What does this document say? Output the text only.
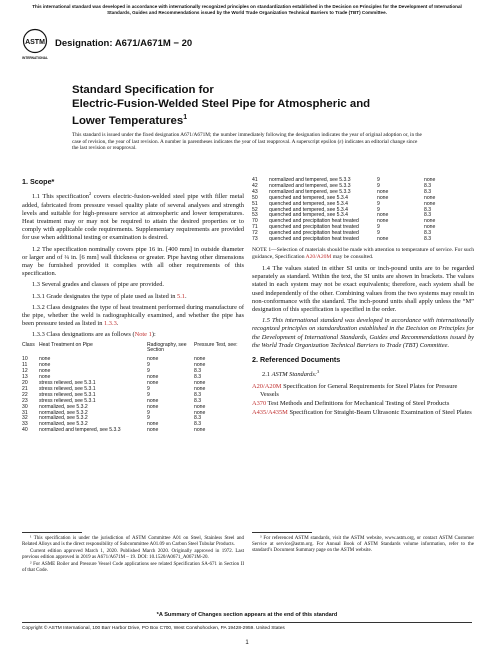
This international standard was developed in accordance with internationally recognized principles on standardization established in the Decision on Principles for the Development of International Standards, Guides and Recommendations issued by the World Trade Organization Technical Barriers to Trade (TBT) Committee.
ASTM
INTERNATIONAL
Designation: A671/A671M − 20
Standard Specification for
Electric-Fusion-Welded Steel Pipe for Atmospheric and
Lower Temperatures$^1$
This standard is issued under the fixed designation A671/A671M; the number immediately following the designation indicates the year of original adoption or, in the case of revision, the year of last revision. A number in parentheses indicates the year of last reapproval. A superscript epsilon (ε) indicates an editorial change since the last revision or reapproval.
1. Scope*

1.1 This specification$^2$ covers electric-fusion-welded steel pipe with filler metal added, fabricated from pressure vessel quality plate of several analyses and strength levels and suitable for high-pressure service at atmospheric and lower temperatures. Heat treatment may or may not be required to attain the desired properties or to comply with applicable code requirements. Supplementary requirements are provided for use when additional testing or examination is desired.

1.2 The specification nominally covers pipe 16 in. [400 mm] in outside diameter or larger and of ¼ in. [6 mm] wall thickness or greater. Pipe having other dimensions may be furnished provided it complies with all other requirements of this specification.

1.3 Several grades and classes of pipe are provided.

1.3.1 Grade designates the type of plate used as listed in 5.1.

1.3.2 Class designates the type of heat treatment performed during manufacture of the pipe, whether the weld is radiographically examined, and whether the pipe has been pressure tested as listed in 1.3.3.

1.3.3 Class designations are as follows (Note 1):

Class	Heat Treatment on Pipe	Radiography, see Section	Pressure Test, see:
10	none	none	none
11	none	9	none
12	none	9	8.3
13	none	none	8.3
20	stress relieved, see 5.3.1	none	none
21	stress relieved, see 5.3.1	9	none
22	stress relieved, see 5.3.1	9	8.3
23	stress relieved, see 5.3.1	none	8.3
30	normalized, see 5.3.2	none	none
31	normalized, see 5.3.2	9	none
32	normalized, see 5.3.2	9	8.3
33	normalized, see 5.3.2	none	8.3
40	normalized and tempered, see 5.3.3	none	none
41	normalized and tempered, see 5.3.3	9	none
42	normalized and tempered, see 5.3.3	9	8.3
43	normalized and tempered, see 5.3.3	none	8.3
50	quenched and tempered, see 5.3.4	none	none
51	quenched and tempered, see 5.3.4	9	none
52	quenched and tempered, see 5.3.4	9	8.3
53	quenched and tempered, see 5.3.4	none	8.3
70	quenched and precipitation heat treated	none	none
71	quenched and precipitation heat treated	9	none
72	quenched and precipitation heat treated	9	8.3
73	quenched and precipitation heat treated	none	8.3

NOTE 1—Selection of materials should be made with attention to temperature of service. For such guidance, Specification A20/A20M may be consulted.

1.4 The values stated in either SI units or inch-pound units are to be regarded separately as standard. Within the text, the SI units are shown in brackets. The values stated in each system may not be exact equivalents; therefore, each system shall be used independently of the other. Combining values from the two systems may result in non-conformance with the standard. The inch-pound units shall apply unless the “M” designation of this specification is specified in the order.

1.5 This international standard was developed in accordance with internationally recognized principles on standardization established in the Decision on Principles for the Development of International Standards, Guides and Recommendations issued by the World Trade Organization Technical Barriers to Trade (TBT) Committee.

2. Referenced Documents

2.1 ASTM Standards:$^3$

A20/A20M Specification for General Requirements for Steel Plates for Pressure Vessels
A370 Test Methods and Definitions for Mechanical Testing of Steel Products
A435/A435M Specification for Straight-Beam Ultrasonic Examination of Steel Plates

¹ This specification is under the jurisdiction of ASTM Committee A01 on Steel, Stainless Steel and Related Alloys and is the direct responsibility of Subcommittee A01.09 on Carbon Steel Tubular Products.

Current edition approved March 1, 2020. Published March 2020. Originally approved in 1972. Last previous edition approved in 2019 as A671/A671M – 19. DOI: 10.1520/A0671_A0671M-20.

² For ASME Boiler and Pressure Vessel Code applications see related Specification SA-671 in Section II of that Code.

³ For referenced ASTM standards, visit the ASTM website, www.astm.org, or contact ASTM Customer Service at service@astm.org. For Annual Book of ASTM Standards volume information, refer to the standard’s Document Summary page on the ASTM website.

*A Summary of Changes section appears at the end of this standard
Copyright © ASTM International, 100 Barr Harbor Drive, PO Box C700, West Conshohocken, PA 19428-2959. United States
1
